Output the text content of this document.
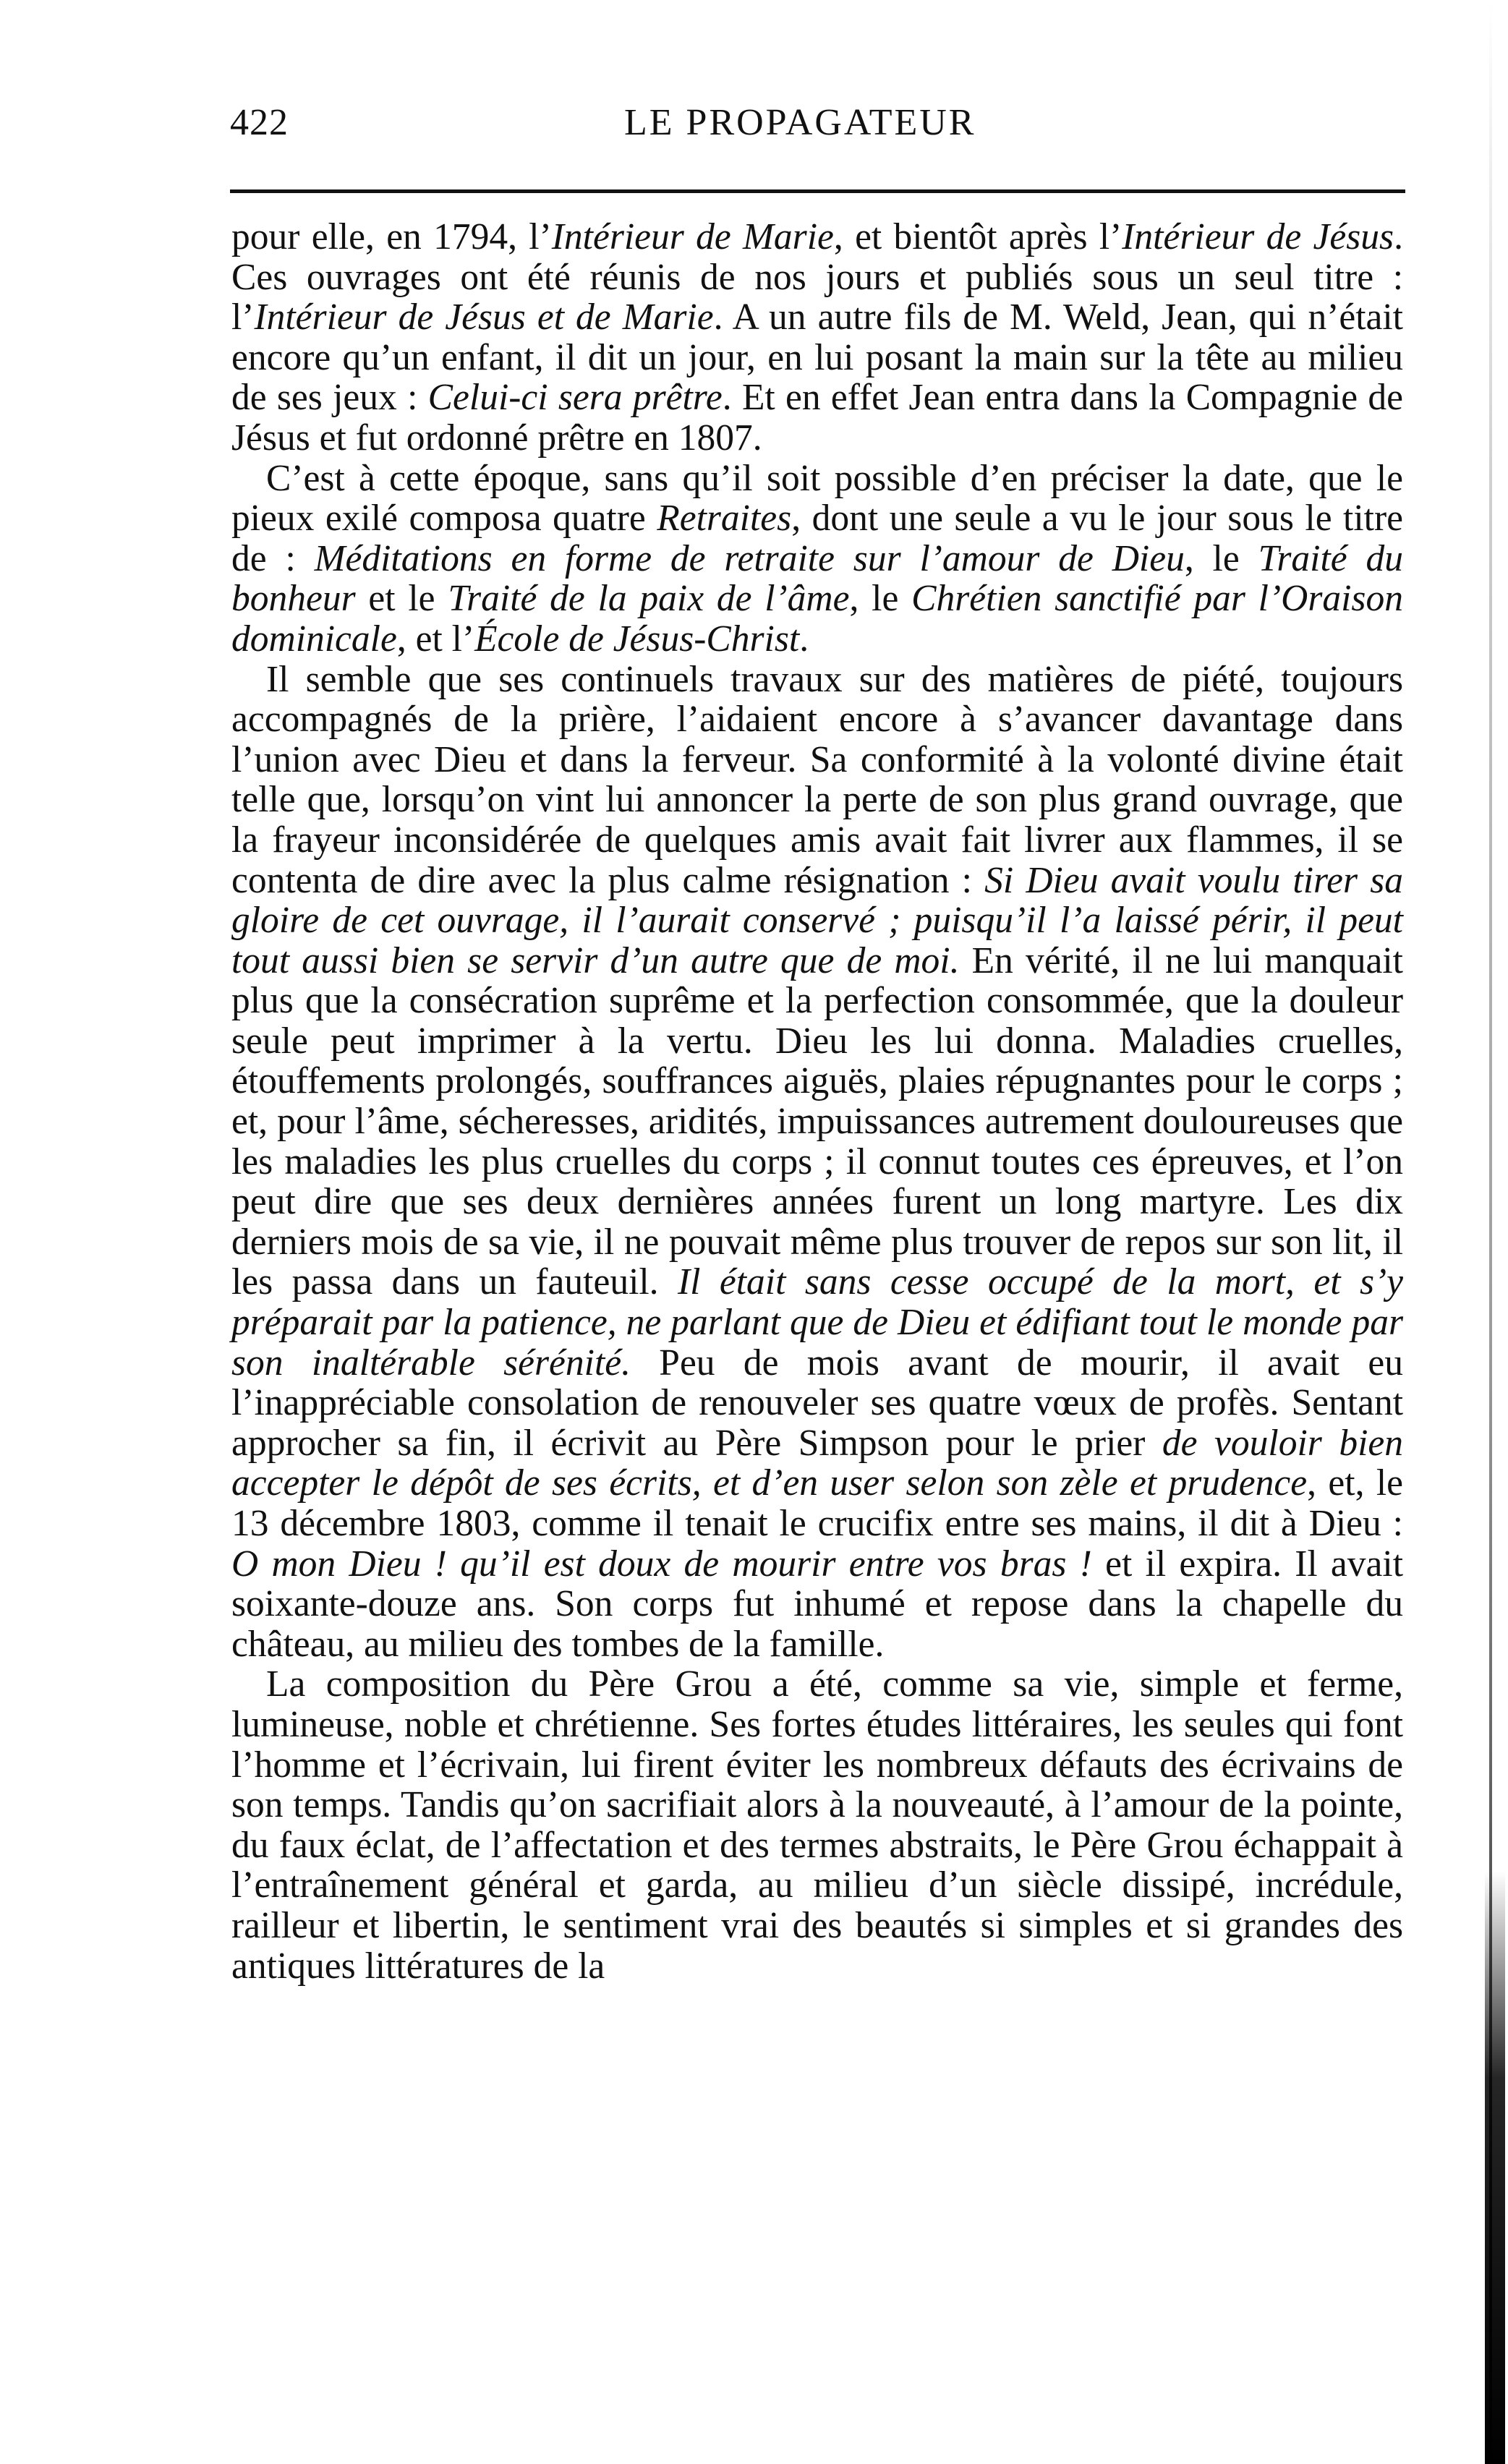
422	LE PROPAGATEUR

pour elle, en 1794, l’Intérieur de Marie, et bientôt après l’Intérieur de Jésus. Ces ouvrages ont été réunis de nos jours et publiés sous un seul titre : l’Intérieur de Jésus et de Marie. A un autre fils de M. Weld, Jean, qui n’était encore qu’un enfant, il dit un jour, en lui posant la main sur la tête au milieu de ses jeux : Celui-ci sera prêtre. Et en effet Jean entra dans la Compagnie de Jésus et fut ordonné prêtre en 1807.

C’est à cette époque, sans qu’il soit possible d’en préciser la date, que le pieux exilé composa quatre Retraites, dont une seule a vu le jour sous le titre de : Méditations en forme de retraite sur l’amour de Dieu, le Traité du bonheur et le Traité de la paix de l’âme, le Chrétien sanctifié par l’Oraison dominicale, et l’École de Jésus-Christ.

Il semble que ses continuels travaux sur des matières de piété, toujours accompagnés de la prière, l’aidaient encore à s’avancer davantage dans l’union avec Dieu et dans la ferveur. Sa conformité à la volonté divine était telle que, lorsqu’on vint lui annoncer la perte de son plus grand ouvrage, que la frayeur inconsidérée de quelques amis avait fait livrer aux flammes, il se contenta de dire avec la plus calme résignation : Si Dieu avait voulu tirer sa gloire de cet ouvrage, il l’aurait conservé ; puisqu’il l’a laissé périr, il peut tout aussi bien se servir d’un autre que de moi. En vérité, il ne lui manquait plus que la consécration suprême et la perfection consommée, que la douleur seule peut imprimer à la vertu. Dieu les lui donna. Maladies cruelles, étouffements prolongés, souffrances aiguës, plaies répugnantes pour le corps ; et, pour l’âme, sécheresses, aridités, impuissances autrement douloureuses que les maladies les plus cruelles du corps ; il connut toutes ces épreuves, et l’on peut dire que ses deux dernières années furent un long martyre. Les dix derniers mois de sa vie, il ne pouvait même plus trouver de repos sur son lit, il les passa dans un fauteuil. Il était sans cesse occupé de la mort, et s’y préparait par la patience, ne parlant que de Dieu et édifiant tout le monde par son inaltérable sérénité. Peu de mois avant de mourir, il avait eu l’inappréciable consolation de renouveler ses quatre vœux de profès. Sentant approcher sa fin, il écrivit au Père Simpson pour le prier de vouloir bien accepter le dépôt de ses écrits, et d’en user selon son zèle et prudence, et, le 13 décembre 1803, comme il tenait le crucifix entre ses mains, il dit à Dieu : O mon Dieu ! qu’il est doux de mourir entre vos bras ! et il expira. Il avait soixante-douze ans. Son corps fut inhumé et repose dans la chapelle du château, au milieu des tombes de la famille.

La composition du Père Grou a été, comme sa vie, simple et ferme, lumineuse, noble et chrétienne. Ses fortes études littéraires, les seules qui font l’homme et l’écrivain, lui firent éviter les nombreux défauts des écrivains de son temps. Tandis qu’on sacrifiait alors à la nouveauté, à l’amour de la pointe, du faux éclat, de l’affectation et des termes abstraits, le Père Grou échappait à l’entraînement général et garda, au milieu d’un siècle dissipé, incrédule, railleur et libertin, le sentiment vrai des beautés si simples et si grandes des antiques littératures de la
